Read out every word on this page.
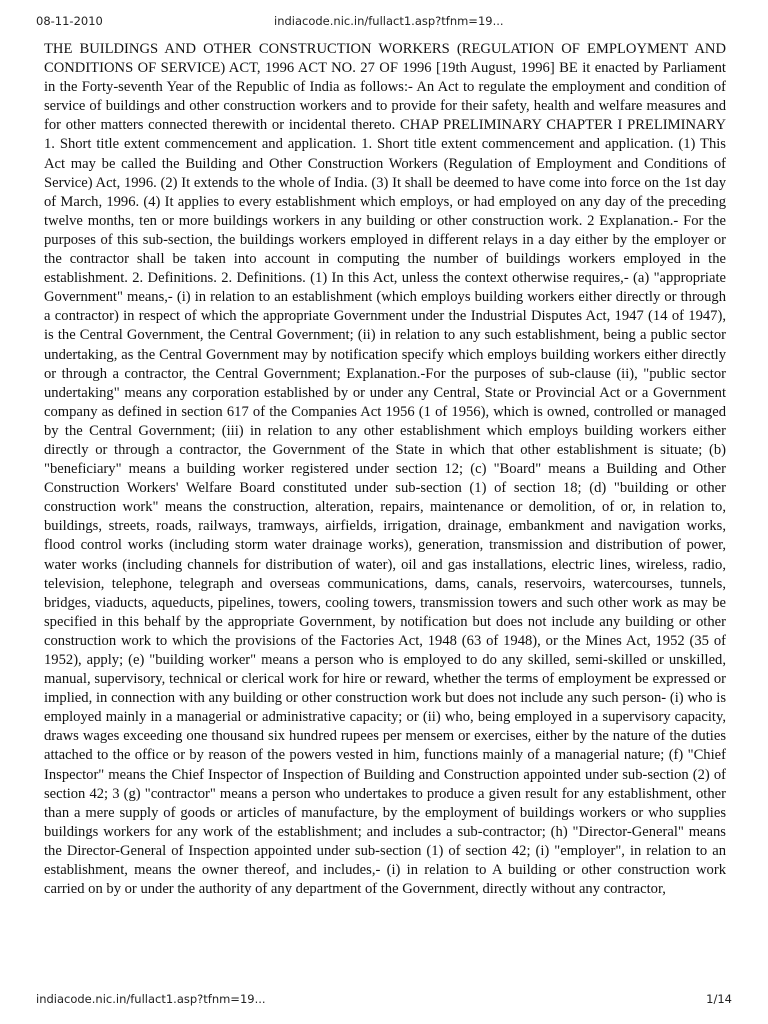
08-11-2010	indiacode.nic.in/fullact1.asp?tfnm=19...

THE BUILDINGS AND OTHER CONSTRUCTION WORKERS (REGULATION OF EMPLOYMENT AND CONDITIONS OF SERVICE) ACT, 1996 ACT NO. 27 OF 1996 [19th August, 1996] BE it enacted by Parliament in the Forty-seventh Year of the Republic of India as follows:- An Act to regulate the employment and condition of service of buildings and other construction workers and to provide for their safety, health and welfare measures and for other matters connected therewith or incidental thereto. CHAP PRELIMINARY CHAPTER I PRELIMINARY 1. Short title extent commencement and application. 1. Short title extent commencement and application. (1) This Act may be called the Building and Other Construction Workers (Regulation of Employment and Conditions of Service) Act, 1996. (2) It extends to the whole of India. (3) It shall be deemed to have come into force on the 1st day of March, 1996. (4) It applies to every establishment which employs, or had employed on any day of the preceding twelve months, ten or more buildings workers in any building or other construction work. 2 Explanation.- For the purposes of this sub-section, the buildings workers employed in different relays in a day either by the employer or the contractor shall be taken into account in computing the number of buildings workers employed in the establishment. 2. Definitions. 2. Definitions. (1) In this Act, unless the context otherwise requires,- (a) "appropriate Government" means,- (i) in relation to an establishment (which employs building workers either directly or through a contractor) in respect of which the appropriate Government under the Industrial Disputes Act, 1947 (14 of 1947), is the Central Government, the Central Government; (ii) in relation to any such establishment, being a public sector undertaking, as the Central Government may by notification specify which employs building workers either directly or through a contractor, the Central Government; Explanation.-For the purposes of sub-clause (ii), "public sector undertaking" means any corporation established by or under any Central, State or Provincial Act or a Government company as defined in section 617 of the Companies Act 1956 (1 of 1956), which is owned, controlled or managed by the Central Government; (iii) in relation to any other establishment which employs building workers either directly or through a contractor, the Government of the State in which that other establishment is situate; (b) "beneficiary" means a building worker registered under section 12; (c) "Board" means a Building and Other Construction Workers' Welfare Board constituted under sub-section (1) of section 18; (d) "building or other construction work" means the construction, alteration, repairs, maintenance or demolition, of or, in relation to, buildings, streets, roads, railways, tramways, airfields, irrigation, drainage, embankment and navigation works, flood control works (including storm water drainage works), generation, transmission and distribution of power, water works (including channels for distribution of water), oil and gas installations, electric lines, wireless, radio, television, telephone, telegraph and overseas communications, dams, canals, reservoirs, watercourses, tunnels, bridges, viaducts, aqueducts, pipelines, towers, cooling towers, transmission towers and such other work as may be specified in this behalf by the appropriate Government, by notification but does not include any building or other construction work to which the provisions of the Factories Act, 1948 (63 of 1948), or the Mines Act, 1952 (35 of 1952), apply; (e) "building worker" means a person who is employed to do any skilled, semi-skilled or unskilled, manual, supervisory, technical or clerical work for hire or reward, whether the terms of employment be expressed or implied, in connection with any building or other construction work but does not include any such person- (i) who is employed mainly in a managerial or administrative capacity; or (ii) who, being employed in a supervisory capacity, draws wages exceeding one thousand six hundred rupees per mensem or exercises, either by the nature of the duties attached to the office or by reason of the powers vested in him, functions mainly of a managerial nature; (f) "Chief Inspector" means the Chief Inspector of Inspection of Building and Construction appointed under sub-section (2) of section 42; 3 (g) "contractor" means a person who undertakes to produce a given result for any establishment, other than a mere supply of goods or articles of manufacture, by the employment of buildings workers or who supplies buildings workers for any work of the establishment; and includes a sub-contractor; (h) "Director-General" means the Director-General of Inspection appointed under sub-section (1) of section 42; (i) "employer", in relation to an establishment, means the owner thereof, and includes,- (i) in relation to A building or other construction work carried on by or under the authority of any department of the Government, directly without any contractor,

indiacode.nic.in/fullact1.asp?tfnm=19...	1/14
